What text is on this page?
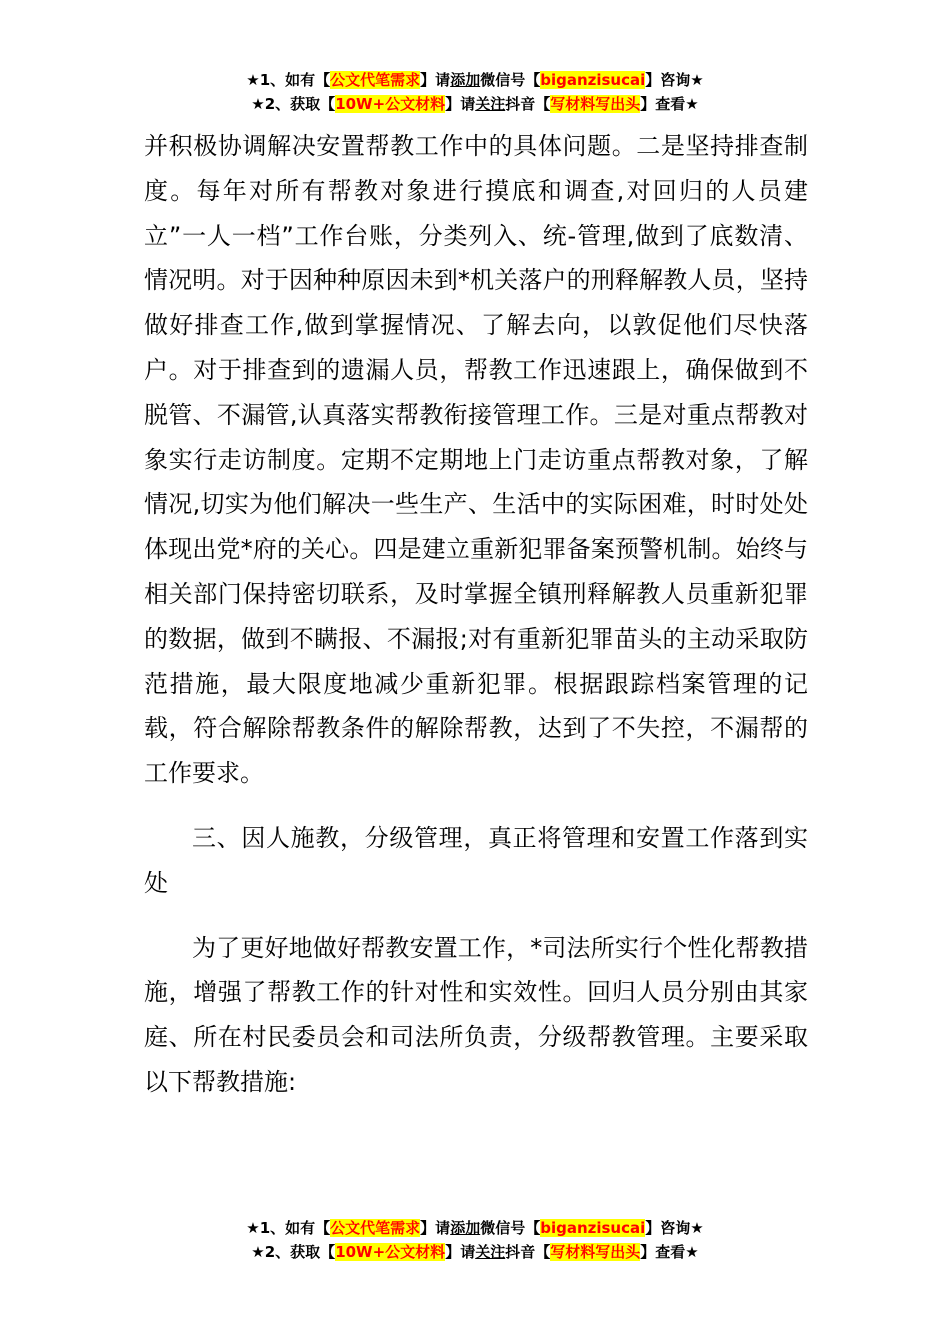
★1、如有【公文代笔需求】请添加微信号【biganzisucai】咨询★
★2、获取【10W+公文材料】请关注抖音【写材料写出头】查看★

并积极协调解决安置帮教工作中的具体问题。二是坚持排查制度。每年对所有帮教对象进行摸底和调查,对回归的人员建立”一人一档”工作台账，分类列入、统-管理,做到了底数清、情况明。对于因种种原因未到*机关落户的刑释解教人员，坚持做好排查工作,做到掌握情况、了解去向，以敦促他们尽快落户。对于排查到的遗漏人员，帮教工作迅速跟上，确保做到不脱管、不漏管,认真落实帮教衔接管理工作。三是对重点帮教对象实行走访制度。定期不定期地上门走访重点帮教对象，了解情况,切实为他们解决一些生产、生活中的实际困难，时时处处体现出党*府的关心。四是建立重新犯罪备案预警机制。始终与相关部门保持密切联系，及时掌握全镇刑释解教人员重新犯罪的数据，做到不瞒报、不漏报;对有重新犯罪苗头的主动采取防范措施，最大限度地减少重新犯罪。根据跟踪档案管理的记载，符合解除帮教条件的解除帮教，达到了不失控，不漏帮的工作要求。

三、因人施教，分级管理，真正将管理和安置工作落到实处

为了更好地做好帮教安置工作，*司法所实行个性化帮教措施，增强了帮教工作的针对性和实效性。回归人员分别由其家庭、所在村民委员会和司法所负责，分级帮教管理。主要采取以下帮教措施:

★1、如有【公文代笔需求】请添加微信号【biganzisucai】咨询★
★2、获取【10W+公文材料】请关注抖音【写材料写出头】查看★
